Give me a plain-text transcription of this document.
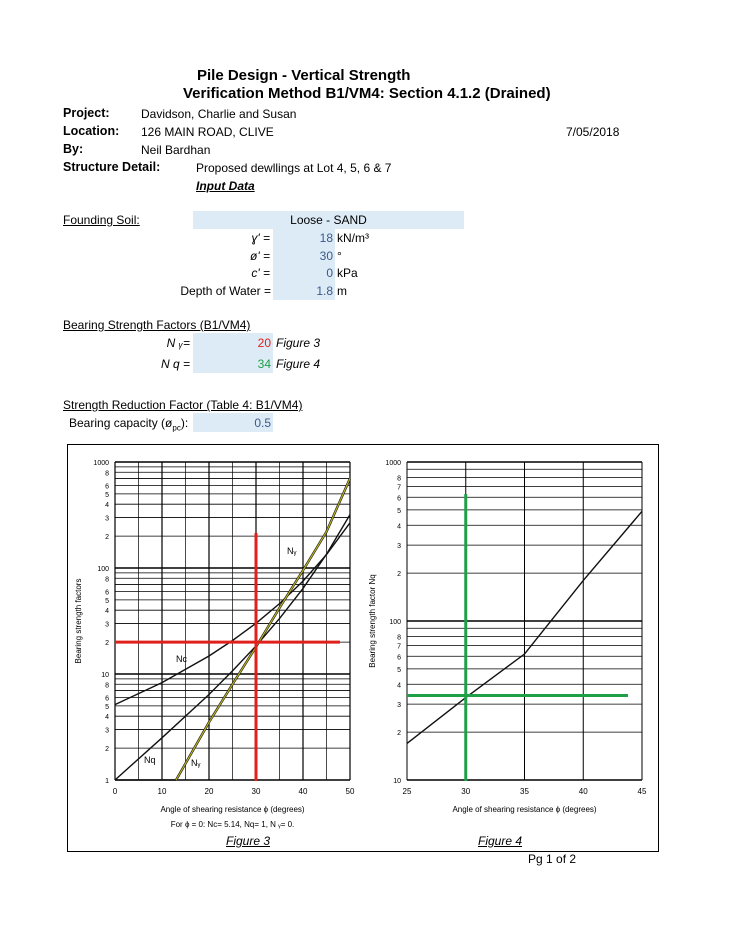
Pile Design - Vertical Strength
Verification Method B1/VM4: Section 4.1.2 (Drained)
Project:	Davidson, Charlie and Susan
Location: 126 MAIN ROAD, CLIVE	7/05/2018
By:	Neil Bardhan
Structure Detail:	Proposed dewllings at Lot 4, 5, 6 & 7
Input Data
Founding Soil:	Loose - SAND
ɣ' =	18 kN/m³
ø' =	30 °
c' =	0 kPa
Depth of Water =	1.8 m
Bearing Strength Factors (B1/VM4)
N ᵧ=	20 Figure 3
N q =	34 Figure 4
Strength Reduction Factor (Table 4: B1/VM4)
Bearing capacity $(ø_{pc})$:	0.5
1000
8
6
5
4
3
2
100
8
6
5
4
3
2
10
8
6
5
4
3
2
1
1000
8
7
6
5
4
3
2
100
8
7
6
5
4
3
2
10
0	10	20	30	40	50	25	30	35	40	45
Bearing strength factors
Angle of shearing resistance ϕ (degrees)
For ϕ = 0: Nc= 5.14, Nq= 1, N ᵧ= 0.
Bearing strength factor Nq
Angle of shearing resistance ϕ (degrees)
Nᵧ
Nc
Nq	Nᵧ
Figure 3	Figure 4
Pg 1 of 2
